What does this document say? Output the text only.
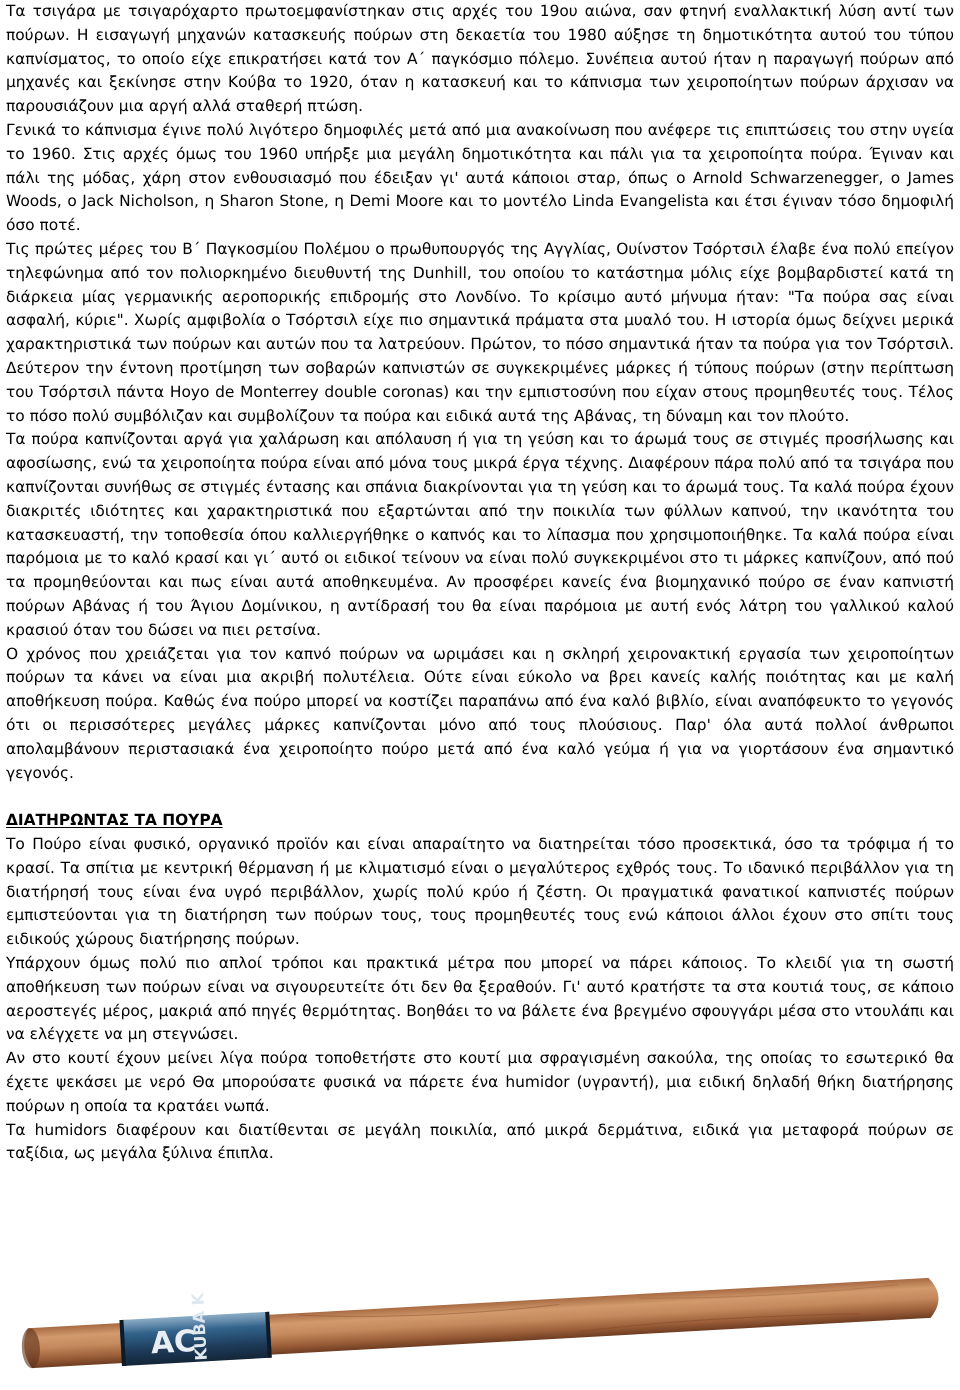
Τα τσιγάρα με τσιγαρόχαρτο πρωτοεμφανίστηκαν στις αρχές του 19ου αιώνα, σαν φτηνή εναλλακτική λύση αντί των πούρων. Η εισαγωγή μηχανών κατασκευής πούρων στη δεκαετία του 1980 αύξησε τη δημοτικότητα αυτού του τύπου καπνίσματος, το οποίο είχε επικρατήσει κατά τον Α΄ παγκόσμιο πόλεμο. Συνέπεια αυτού ήταν η παραγωγή πούρων από μηχανές και ξεκίνησε στην Κούβα το 1920, όταν η κατασκευή και το κάπνισμα των χειροποίητων πούρων άρχισαν να παρουσιάζουν μια αργή αλλά σταθερή πτώση.

Γενικά το κάπνισμα έγινε πολύ λιγότερο δημοφιλές μετά από μια ανακοίνωση που ανέφερε τις επιπτώσεις του στην υγεία το 1960. Στις αρχές όμως του 1960 υπήρξε μια μεγάλη δημοτικότητα και πάλι για τα χειροποίητα πούρα. Έγιναν και πάλι της μόδας, χάρη στον ενθουσιασμό που έδειξαν γι' αυτά κάποιοι σταρ, όπως ο Arnold Schwarzenegger, ο James Woods, ο Jack Nicholson, η Sharon Stone, η Demi Moore και το μοντέλο Linda Evangelista και έτσι έγιναν τόσο δημοφιλή όσο ποτέ.

Τις πρώτες μέρες του Β΄ Παγκοσμίου Πολέμου ο πρωθυπουργός της Αγγλίας, Ουίνστον Τσόρτσιλ έλαβε ένα πολύ επείγον τηλεφώνημα από τον πολιορκημένο διευθυντή της Dunhill, του οποίου το κατάστημα μόλις είχε βομβαρδιστεί κατά τη διάρκεια μίας γερμανικής αεροπορικής επιδρομής στο Λονδίνο. Το κρίσιμο αυτό μήνυμα ήταν: "Τα πούρα σας είναι ασφαλή, κύριε". Χωρίς αμφιβολία ο Τσόρτσιλ είχε πιο σημαντικά πράματα στα μυαλό του. Η ιστορία όμως δείχνει μερικά χαρακτηριστικά των πούρων και αυτών που τα λατρεύουν. Πρώτον, το πόσο σημαντικά ήταν τα πούρα για τον Τσόρτσιλ. Δεύτερον την έντονη προτίμηση των σοβαρών καπνιστών σε συγκεκριμένες μάρκες ή τύπους πούρων (στην περίπτωση του Τσόρτσιλ πάντα Hoyo de Monterrey double coronas) και την εμπιστοσύνη που είχαν στους προμηθευτές τους. Τέλος το πόσο πολύ συμβόλιζαν και συμβολίζουν τα πούρα και ειδικά αυτά της Αβάνας, τη δύναμη και τον πλούτο.

Τα πούρα καπνίζονται αργά για χαλάρωση και απόλαυση ή για τη γεύση και το άρωμά τους σε στιγμές προσήλωσης και αφοσίωσης, ενώ τα χειροποίητα πούρα είναι από μόνα τους μικρά έργα τέχνης. Διαφέρουν πάρα πολύ από τα τσιγάρα που καπνίζονται συνήθως σε στιγμές έντασης και σπάνια διακρίνονται για τη γεύση και το άρωμά τους. Τα καλά πούρα έχουν διακριτές ιδιότητες και χαρακτηριστικά που εξαρτώνται από την ποικιλία των φύλλων καπνού, την ικανότητα του κατασκευαστή, την τοποθεσία όπου καλλιεργήθηκε ο καπνός και το λίπασμα που χρησιμοποιήθηκε. Τα καλά πούρα είναι παρόμοια με το καλό κρασί και γι΄ αυτό οι ειδικοί τείνουν να είναι πολύ συγκεκριμένοι στο τι μάρκες καπνίζουν, από πού τα προμηθεύονται και πως είναι αυτά αποθηκευμένα. Αν προσφέρει κανείς ένα βιομηχανικό πούρο σε έναν καπνιστή πούρων Αβάνας ή του Άγιου Δομίνικου, η αντίδρασή του θα είναι παρόμοια με αυτή ενός λάτρη του γαλλικού καλού κρασιού όταν του δώσει να πιει ρετσίνα.

Ο χρόνος που χρειάζεται για τον καπνό πούρων να ωριμάσει και η σκληρή χειρονακτική εργασία των χειροποίητων πούρων τα κάνει να είναι μια ακριβή πολυτέλεια. Ούτε είναι εύκολο να βρει κανείς καλής ποιότητας και με καλή αποθήκευση πούρα. Καθώς ένα πούρο μπορεί να κοστίζει παραπάνω από ένα καλό βιβλίο, είναι αναπόφευκτο το γεγονός ότι οι περισσότερες μεγάλες μάρκες καπνίζονται μόνο από τους πλούσιους. Παρ' όλα αυτά πολλοί άνθρωποι απολαμβάνουν περιστασιακά ένα χειροποίητο πούρο μετά από ένα καλό γεύμα ή για να γιορτάσουν ένα σημαντικό γεγονός.

ΔΙΑΤΗΡΩΝΤΑΣ ΤΑ ΠΟΥΡΑ

Το Πούρο είναι φυσικό, οργανικό προϊόν και είναι απαραίτητο να διατηρείται τόσο προσεκτικά, όσο τα τρόφιμα ή το κρασί. Τα σπίτια με κεντρική θέρμανση ή με κλιματισμό είναι ο μεγαλύτερος εχθρός τους. Το ιδανικό περιβάλλον για τη διατήρησή τους είναι ένα υγρό περιβάλλον, χωρίς πολύ κρύο ή ζέστη. Οι πραγματικά φανατικοί καπνιστές πούρων εμπιστεύονται για τη διατήρηση των πούρων τους, τους προμηθευτές τους ενώ κάποιοι άλλοι έχουν στο σπίτι τους ειδικούς χώρους διατήρησης πούρων.

Υπάρχουν όμως πολύ πιο απλοί τρόποι και πρακτικά μέτρα που μπορεί να πάρει κάποιος. Το κλειδί για τη σωστή αποθήκευση των πούρων είναι να σιγουρευτείτε ότι δεν θα ξεραθούν. Γι' αυτό κρατήστε τα στα κουτιά τους, σε κάποιο αεροστεγές μέρος, μακριά από πηγές θερμότητας. Βοηθάει το να βάλετε ένα βρεγμένο σφουγγάρι μέσα στο ντουλάπι και να ελέγχετε να μη στεγνώσει.

Αν στο κουτί έχουν μείνει λίγα πούρα τοποθετήστε στο κουτί μια σφραγισμένη σακούλα, της οποίας το εσωτερικό θα έχετε ψεκάσει με νερό Θα μπορούσατε φυσικά να πάρετε ένα humidor (υγραντή), μια ειδική δηλαδή θήκη διατήρησης πούρων η οποία τα κρατάει νωπά.

Τα humidors διαφέρουν και διατίθενται σε μεγάλη ποικιλία, από μικρά δερμάτινα, ειδικά για μεταφορά πούρων σε ταξίδια, ως μεγάλα ξύλινα έπιπλα.

AC
KUBA K
